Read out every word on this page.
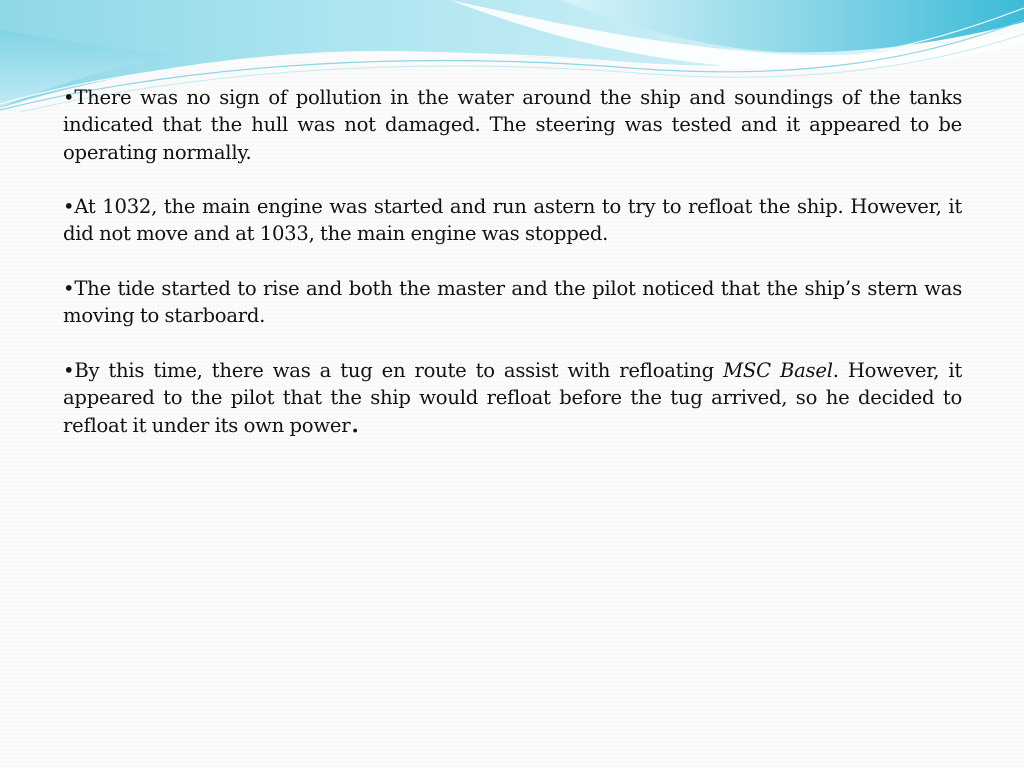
•There was no sign of pollution in the water around the ship and soundings of the tanks indicated that the hull was not damaged. The steering was tested and it appeared to be operating normally.

•At 1032, the main engine was started and run astern to try to refloat the ship. However, it did not move and at 1033, the main engine was stopped.

•The tide started to rise and both the master and the pilot noticed that the ship’s stern was moving to starboard.

•By this time, there was a tug en route to assist with refloating MSC Basel. However, it appeared to the pilot that the ship would refloat before the tug arrived, so he decided to refloat it under its own power.
